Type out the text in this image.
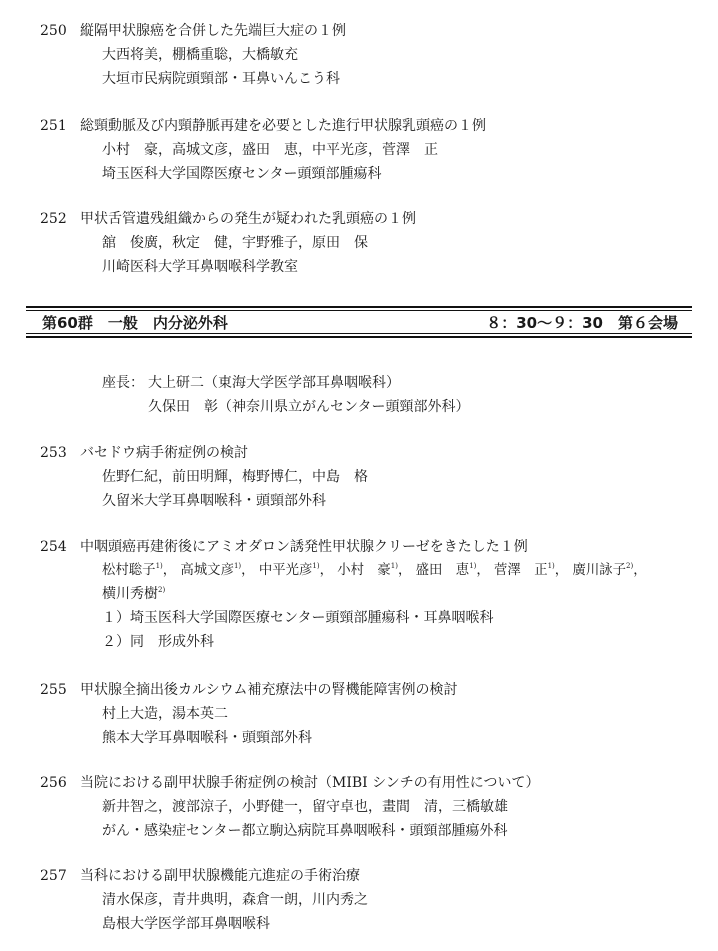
250 縦隔甲状腺癌を合併した先端巨大症の１例
大西将美，棚橋重聡，大橋敏充
大垣市民病院頭頸部・耳鼻いんこう科
251 総頸動脈及び内頸静脈再建を必要とした進行甲状腺乳頭癌の１例
小村　豪，高城文彦，盛田　恵，中平光彦，菅澤　正
埼玉医科大学国際医療センター頭頸部腫瘍科
252 甲状舌管遺残組織からの発生が疑われた乳頭癌の１例
舘　俊廣，秋定　健，宇野雅子，原田　保
川崎医科大学耳鼻咽喉科学教室
第60群　一般　内分泌外科	８：30～９：30　第６会場
座長： 大上研二（東海大学医学部耳鼻咽喉科）
久保田　彰（神奈川県立がんセンター頭頸部外科）
253 バセドウ病手術症例の検討
佐野仁紀，前田明輝，梅野博仁，中島　格
久留米大学耳鼻咽喉科・頭頸部外科
254 中咽頭癌再建術後にアミオダロン誘発性甲状腺クリーゼをきたした１例
松村聡子$^{1)}$， 高城文彦$^{1)}$， 中平光彦$^{1)}$， 小村　豪$^{1)}$， 盛田　恵$^{1)}$， 菅澤　正$^{1)}$， 廣川詠子$^{2)}$，
横川秀樹$^{2)}$
１）埼玉医科大学国際医療センター頭頸部腫瘍科・耳鼻咽喉科
２）同　形成外科
255 甲状腺全摘出後カルシウム補充療法中の腎機能障害例の検討
村上大造，湯本英二
熊本大学耳鼻咽喉科・頭頸部外科
256 当院における副甲状腺手術症例の検討（MIBI シンチの有用性について）
新井智之，渡部涼子，小野健一，留守卓也，畫間　清，三橋敏雄
がん・感染症センター都立駒込病院耳鼻咽喉科・頭頸部腫瘍外科
257 当科における副甲状腺機能亢進症の手術治療
清水保彦，青井典明，森倉一朗，川内秀之
島根大学医学部耳鼻咽喉科
